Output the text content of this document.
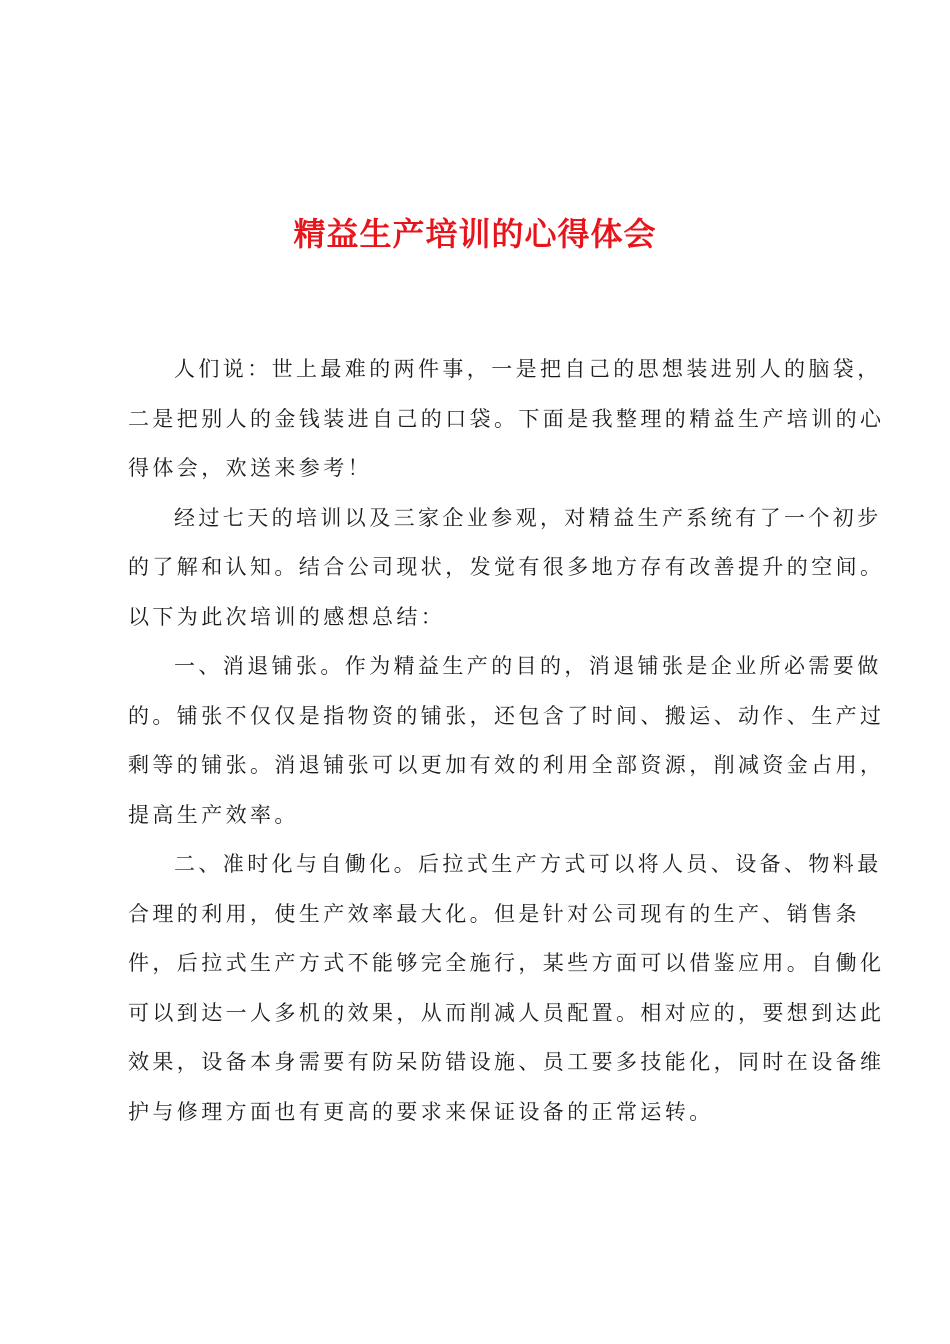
精益生产培训的心得体会

人们说：世上最难的两件事，一是把自己的思想装进别人的脑袋，
二是把别人的金钱装进自己的口袋。下面是我整理的精益生产培训的心
得体会，欢送来参考！

经过七天的培训以及三家企业参观，对精益生产系统有了一个初步
的了解和认知。结合公司现状，发觉有很多地方存有改善提升的空间。
以下为此次培训的感想总结：

一、消退铺张。作为精益生产的目的，消退铺张是企业所必需要做
的。铺张不仅仅是指物资的铺张，还包含了时间、搬运、动作、生产过
剩等的铺张。消退铺张可以更加有效的利用全部资源，削减资金占用，
提高生产效率。

二、准时化与自働化。后拉式生产方式可以将人员、设备、物料最
合理的利用，使生产效率最大化。但是针对公司现有的生产、销售条
件，后拉式生产方式不能够完全施行，某些方面可以借鉴应用。自働化
可以到达一人多机的效果，从而削减人员配置。相对应的，要想到达此
效果，设备本身需要有防呆防错设施、员工要多技能化，同时在设备维
护与修理方面也有更高的要求来保证设备的正常运转。
